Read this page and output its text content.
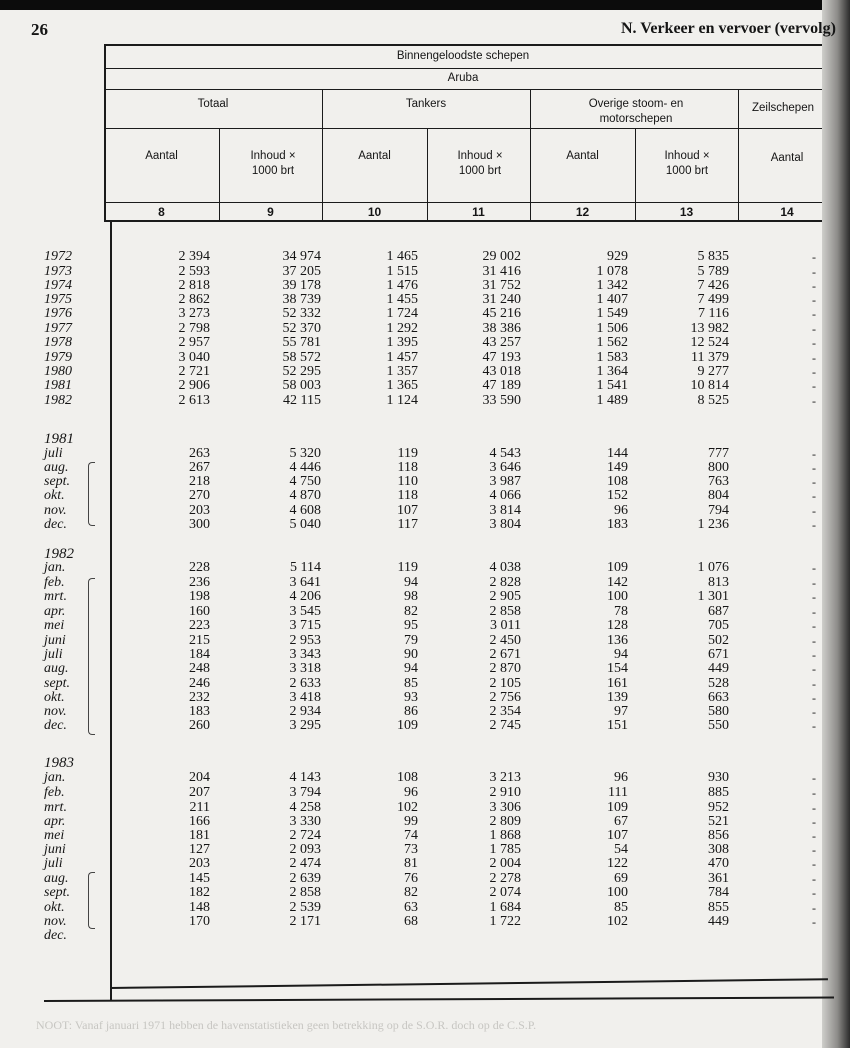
26	N. Verkeer en vervoer (vervolg)
Binnengeloodste schepen
Aruba
Totaal	Tankers	Overige stoom- en motorschepen
Zeilschepen
Aantal	Inhoud × 1000 brt
Aantal	Inhoud × 1000 brt
Aantal	Inhoud × 1000 brt
Aantal
8	9	10	11	12	13	14
1972	2 394	34 974	1 465	29 002	929	5 835	-
1973	2 593	37 205	1 515	31 416	1 078	5 789	-
1974	2 818	39 178	1 476	31 752	1 342	7 426	-
1975	2 862	38 739	1 455	31 240	1 407	7 499	-
1976	3 273	52 332	1 724	45 216	1 549	7 116	-
1977	2 798	52 370	1 292	38 386	1 506	13 982	-
1978	2 957	55 781	1 395	43 257	1 562	12 524	-
1979	3 040	58 572	1 457	47 193	1 583	11 379	-
1980	2 721	52 295	1 357	43 018	1 364	9 277	-
1981	2 906	58 003	1 365	47 189	1 541	10 814	-
1982	2 613	42 115	1 124	33 590	1 489	8 525	-
1981
juli	263	5 320	119	4 543	144	777	-
aug.	267	4 446	118	3 646	149	800	-
sept.	218	4 750	110	3 987	108	763	-
okt.	270	4 870	118	4 066	152	804	-
nov.	203	4 608	107	3 814	96	794	-
dec.	300	5 040	117	3 804	183	1 236	-
1982
jan.	228	5 114	119	4 038	109	1 076	-
feb.	236	3 641	94	2 828	142	813	-
mrt.	198	4 206	98	2 905	100	1 301	-
apr.	160	3 545	82	2 858	78	687	-
mei	223	3 715	95	3 011	128	705	-
juni	215	2 953	79	2 450	136	502	-
juli	184	3 343	90	2 671	94	671	-
aug.	248	3 318	94	2 870	154	449	-
sept.	246	2 633	85	2 105	161	528	-
okt.	232	3 418	93	2 756	139	663	-
nov.	183	2 934	86	2 354	97	580	-
dec.	260	3 295	109	2 745	151	550	-
1983
jan.	204	4 143	108	3 213	96	930	-
feb.	207	3 794	96	2 910	111	885	-
mrt.	211	4 258	102	3 306	109	952	-
apr.	166	3 330	99	2 809	67	521	-
mei	181	2 724	74	1 868	107	856	-
juni	127	2 093	73	1 785	54	308	-
juli	203	2 474	81	2 004	122	470	-
aug.	145	2 639	76	2 278	69	361	-
sept.	182	2 858	82	2 074	100	784	-
okt.	148	2 539	63	1 684	85	855	-
nov.	170	2 171	68	1 722	102	449	-
dec.
NOOT: Vanaf januari 1971 hebben de havenstatistieken geen betrekking op de S.O.R. doch op de C.S.P.
